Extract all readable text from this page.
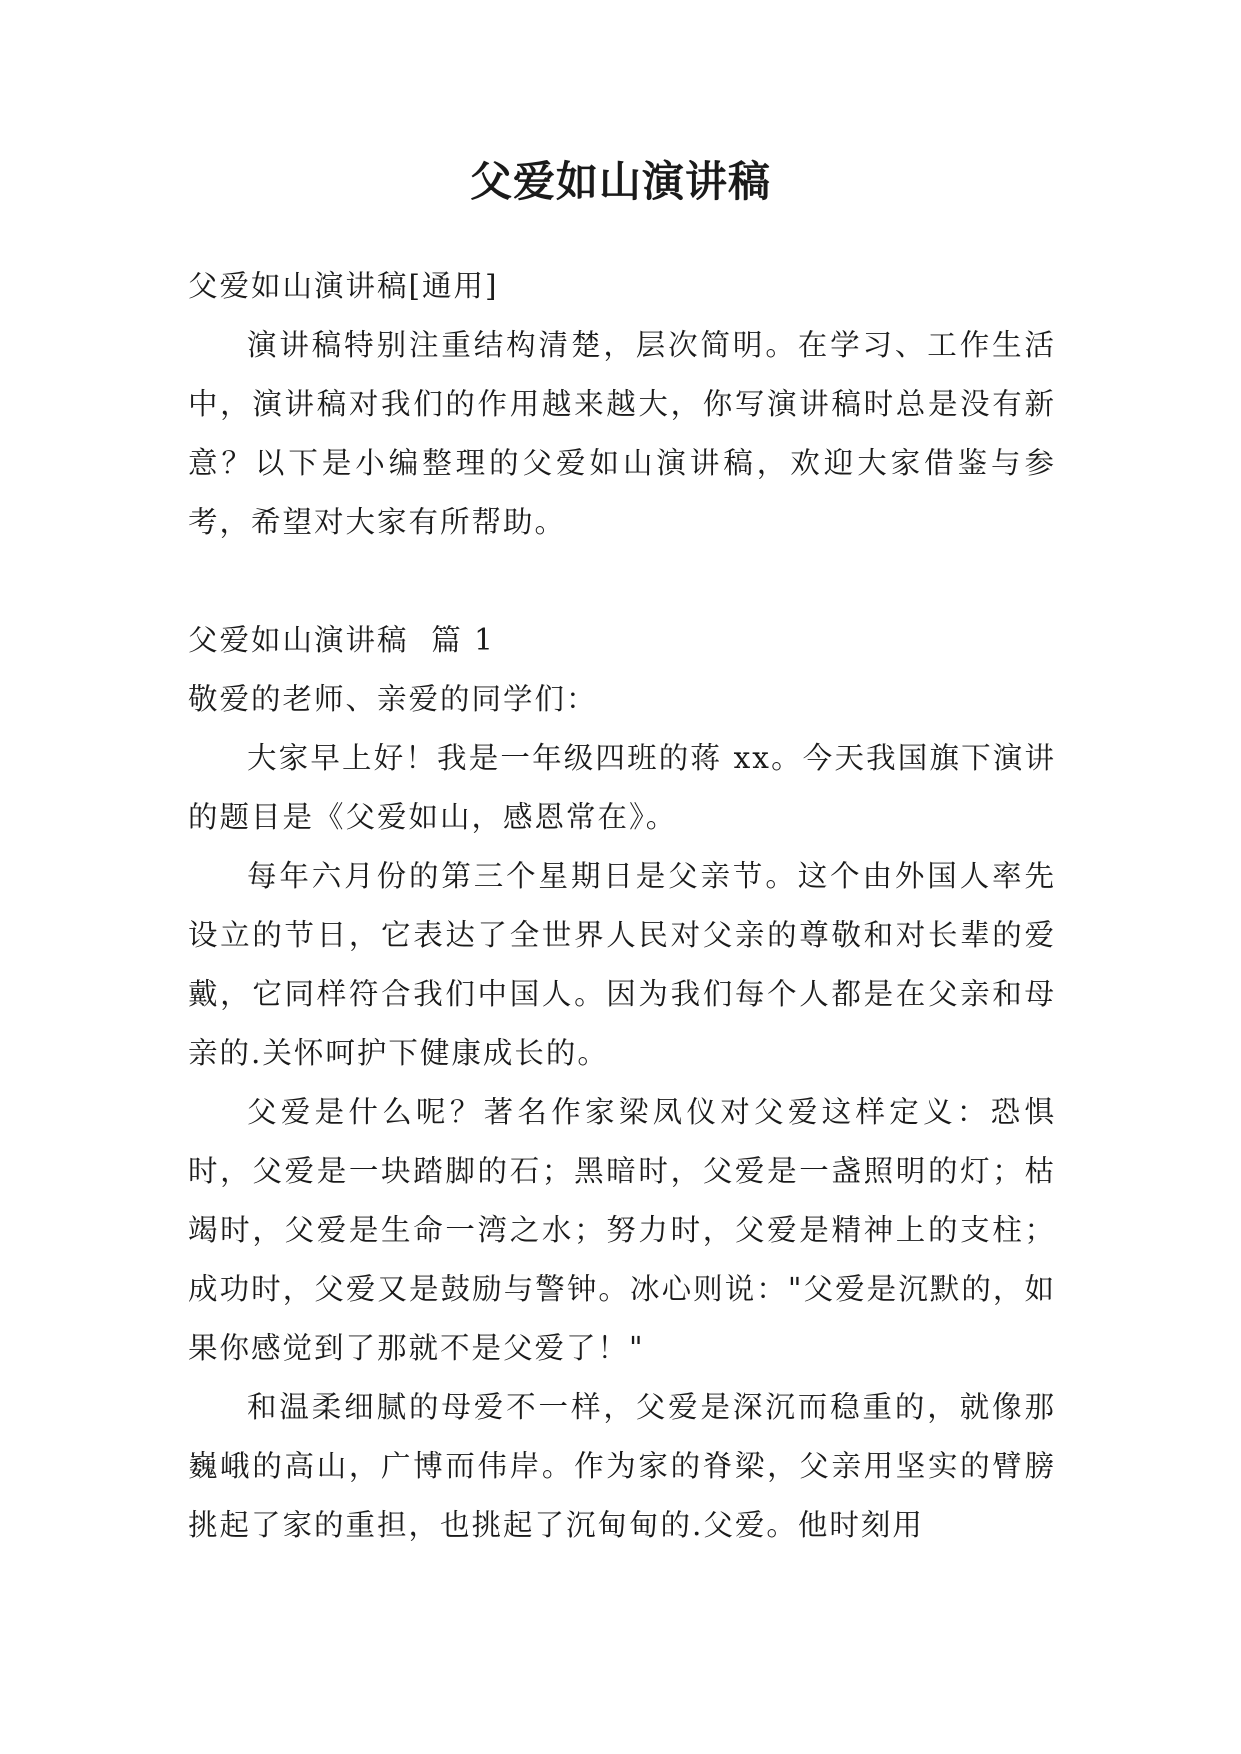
父爱如山演讲稿
父爱如山演讲稿[通用]

演讲稿特别注重结构清楚，层次简明。在学习、工作生活中，演讲稿对我们的作用越来越大，你写演讲稿时总是没有新意？以下是小编整理的父爱如山演讲稿，欢迎大家借鉴与参考，希望对大家有所帮助。

父爱如山演讲稿  篇 1
敬爱的老师、亲爱的同学们：

大家早上好！我是一年级四班的蒋 xx。今天我国旗下演讲的题目是《父爱如山，感恩常在》。

每年六月份的第三个星期日是父亲节。这个由外国人率先设立的节日，它表达了全世界人民对父亲的尊敬和对长辈的爱戴，它同样符合我们中国人。因为我们每个人都是在父亲和母亲的.关怀呵护下健康成长的。

父爱是什么呢？著名作家梁凤仪对父爱这样定义：恐惧时，父爱是一块踏脚的石；黑暗时，父爱是一盏照明的灯；枯竭时，父爱是生命一湾之水；努力时，父爱是精神上的支柱；成功时，父爱又是鼓励与警钟。冰心则说："父爱是沉默的，如果你感觉到了那就不是父爱了！"

和温柔细腻的母爱不一样，父爱是深沉而稳重的，就像那巍峨的高山，广博而伟岸。作为家的脊梁，父亲用坚实的臂膀挑起了家的重担，也挑起了沉甸甸的.父爱。他时刻用
